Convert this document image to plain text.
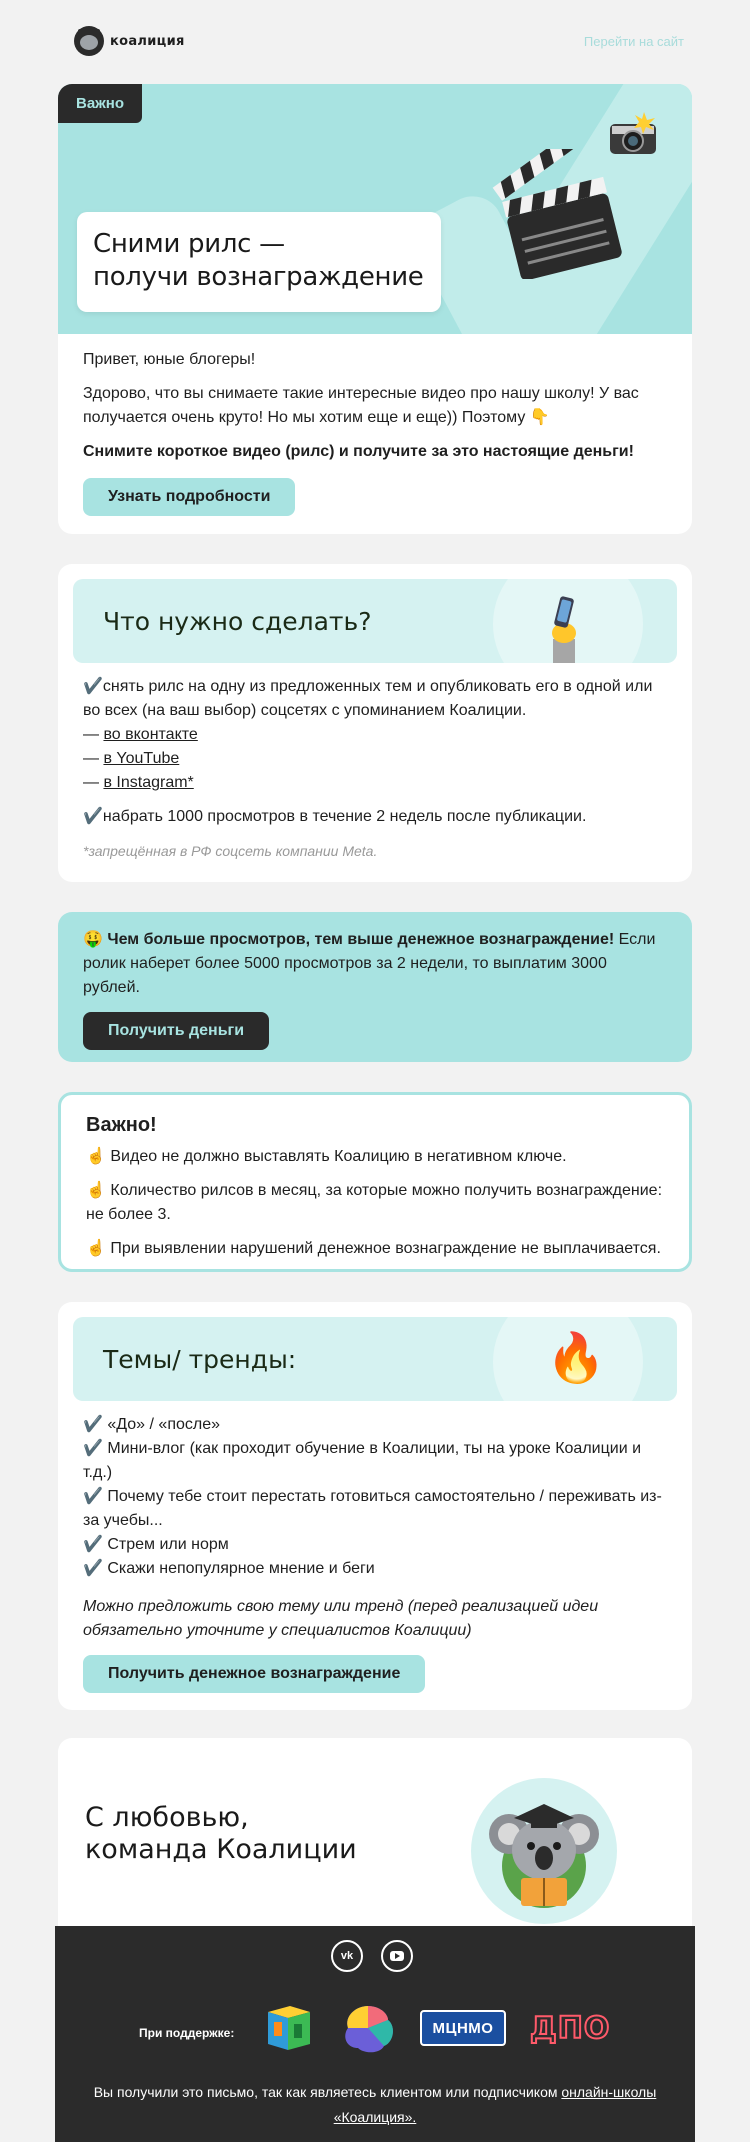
коалиция	Перейти на сайт
Важно
Сними рилс —
получи вознаграждение

Привет, юные блогеры!

Здорово, что вы снимаете такие интересные видео про нашу школу! У вас получается очень круто! Но мы хотим еще и еще)) Поэтому 👇

Снимите короткое видео (рилс) и получите за это настоящие деньги!

Узнать подробности
Что нужно сделать?
✔️снять рилс на одну из предложенных тем и опубликовать его в одной или во всех (на ваш выбор) соцсетях с упоминанием Коалиции.
— во вконтакте
— в YouTube
— в Instagram*

✔️набрать 1000 просмотров в течение 2 недель после публикации.

*запрещённая в РФ соцсеть компании Meta.

🤑 Чем больше просмотров, тем выше денежное вознаграждение! Если ролик наберет более 5000 просмотров за 2 недели, то выплатим 3000 рублей.

Получить деньги
Важно!

☝️ Видео не должно выставлять Коалицию в негативном ключе.

☝️ Количество рилсов в месяц, за которые можно получить вознаграждение: не более 3.

☝️ При выявлении нарушений денежное вознаграждение не выплачивается.

Темы/ тренды:	🔥

✔️ «До» / «после»

✔️ Мини-влог (как проходит обучение в Коалиции, ты на уроке Коалиции и т.д.)

✔️ Почему тебе стоит перестать готовиться самостоятельно / переживать из-за учебы...

✔️ Стрем или норм

✔️ Скажи непопулярное мнение и беги

Можно предложить свою тему или тренд (перед реализацией идеи обязательно уточните у специалистов Коалиции)

Получить денежное вознаграждение
С любовью,
команда Коалиции
vk
При поддержке:	МЦНМО	ДПО
Вы получили это письмо, так как являетесь клиентом или подписчиком онлайн-школы «Коалиция».
